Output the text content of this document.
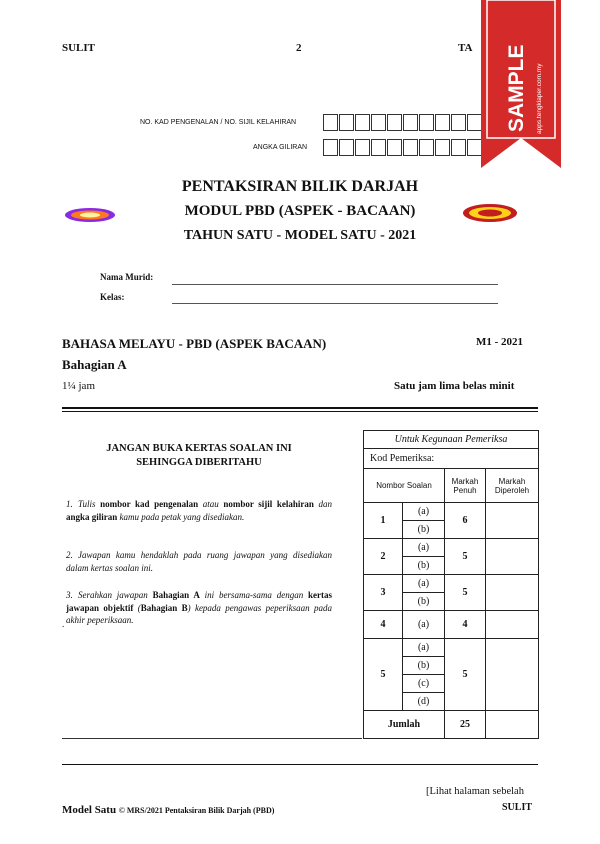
SULIT	2	TA
NO. KAD PENGENALAN / NO. SIJIL KELAHIRAN
ANGKA GILIRAN
PENTAKSIRAN BILIK DARJAH
MODUL PBD (ASPEK - BACAAN)
TAHUN SATU - MODEL SATU - 2021
Nama Murid:
Kelas:
BAHASA MELAYU - PBD (ASPEK BACAAN)	M1 - 2021
Bahagian A
1¼ jam	Satu jam lima belas minit
JANGAN BUKA KERTAS SOALAN INI
SEHINGGA DIBERITAHU
1. Tulis nombor kad pengenalan atau nombor sijil kelahiran dan angka giliran kamu pada petak yang disediakan.
2. Jawapan kamu hendaklah pada ruang jawapan yang disediakan dalam kertas soalan ini.
3. Serahkan jawapan Bahagian A ini bersama-sama dengan kertas jawapan objektif (Bahagian B) kepada pengawas peperiksaan pada akhir peperiksaan.
.
Untuk Kegunaan Pemeriksa			
Kod Pemeriksa:			
Nombor Soalan		Markah Penuh	Markah Diperoleh
1	(a)	6	
	(b)		
2	(a)	5	
	(b)		
3	(a)	5	
	(b)		
4	(a)	4	
5	(a)	5	
	(b)		
	(c)		
	(d)		
Jumlah		25	
[Lihat halaman sebelah
SULIT
Model Satu © MRS/2021 Pentaksiran Bilik Darjah (PBD)
SAMPLE apps.tengkiaper.com.my
